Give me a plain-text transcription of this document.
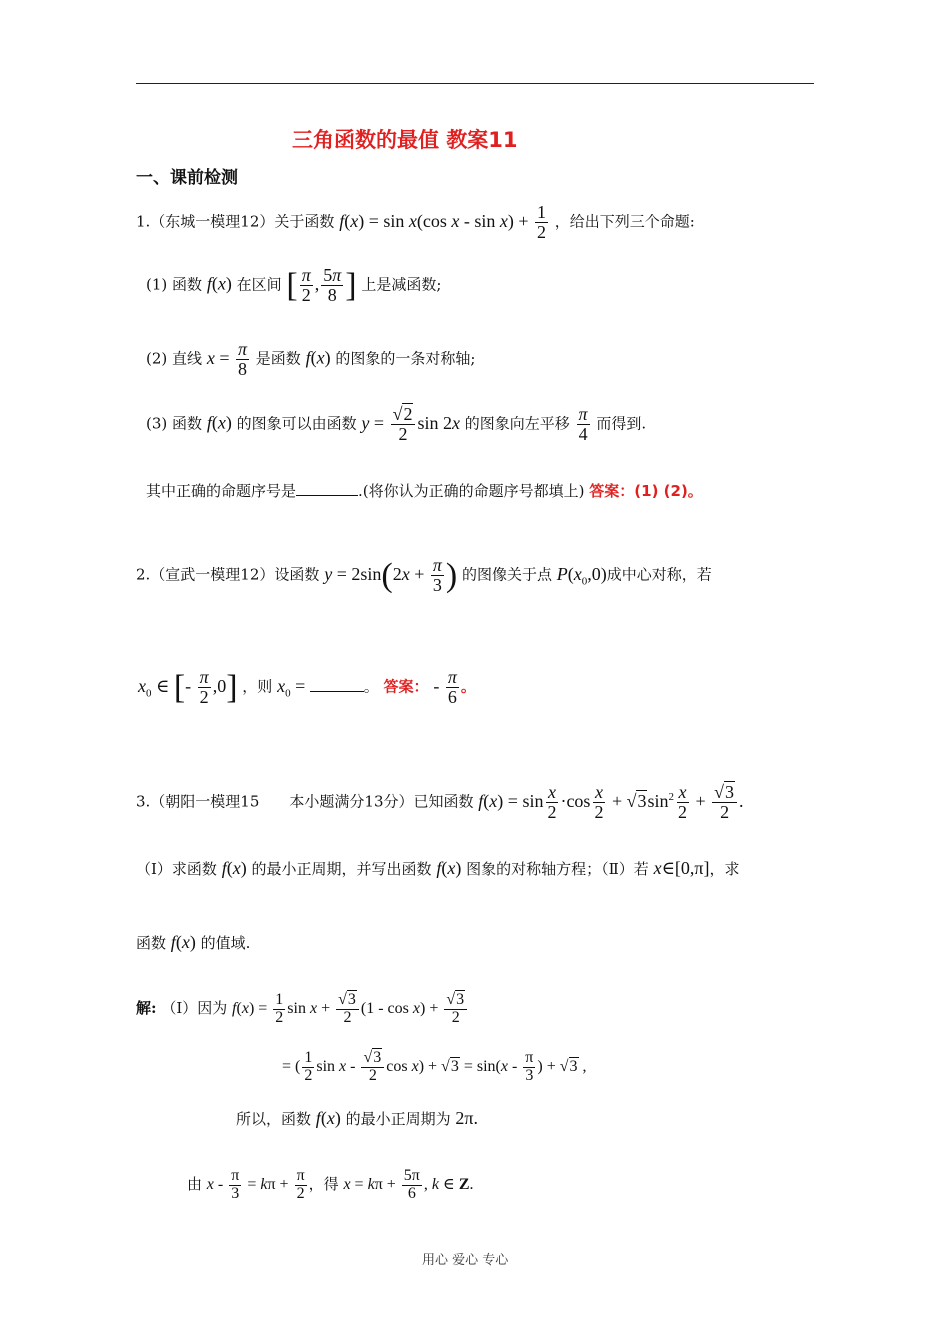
三角函数的最值 教案11
一、课前检测
1.（东城一模理12）关于函数 f(x) = sin x(cos $x - \sin x) + \frac{1}{2}$ ，给出下列三个命题:
(1) 函数 f(x) 在区间 [ $\frac{\pi}{2}$ , $\frac{5\pi}{8}$ ] 上是减函数;
(2) 直线 $x = \frac{\pi}{8}$ 是函数 f(x) 的图象的一条对称轴;
(3) 函数 f(x) 的图象可以由函数 $y = \frac{√2}{2}$ sin 2x 的图象向左平移 $\frac{\pi}{4}$ 而得到.
其中正确的命题序号是	.(将你认为正确的命题序号都填上) 答案：(1) (2)。
2.（宣武一模理12）设函数 $y = 2\sin(2x + \frac{\pi}{3}$ ) 的图像关于点 $P(x_0,0)$成中心对称，若
$x_0$ ∈ [- $\frac{\pi}{2} ,0$] ，则 $x_0$ =	。 答案： - $\frac{\pi}{6}$ 。
3.（朝阳一模理15　　本小题满分13分）已知函数 $f(x) = \sin \frac{x}{2} \cdot\cos \frac{x}{2} + √3\sin^2 \frac{x}{2} + \frac{√3}{2}$ .
（Ⅰ）求函数 f(x) 的最小正周期，并写出函数 f(x) 图象的对称轴方程；（Ⅱ）若 x∈[0,π]，求
函数 f(x) 的值域.
解: （Ⅰ）因为 $f(x) = \frac{1}{2}$ $\sin x + \frac{√3}{2} (1 - \cos x) + \frac{√3}{2}$
= ( $\frac{1}{2}$ sin x - $\frac{√3}{2}$ $\cos x) + √3 = \sin(x - \frac{\pi}{3}$ ) + √3 ,
所以，函数 f(x) 的最小正周期为 2π.
由 $x - \frac{\pi}{3} = k\pi + \frac{\pi}{2}$ ，得 $x = k\pi + \frac{5\pi}{6}$ , k ∈ Z.
用心 爱心 专心
